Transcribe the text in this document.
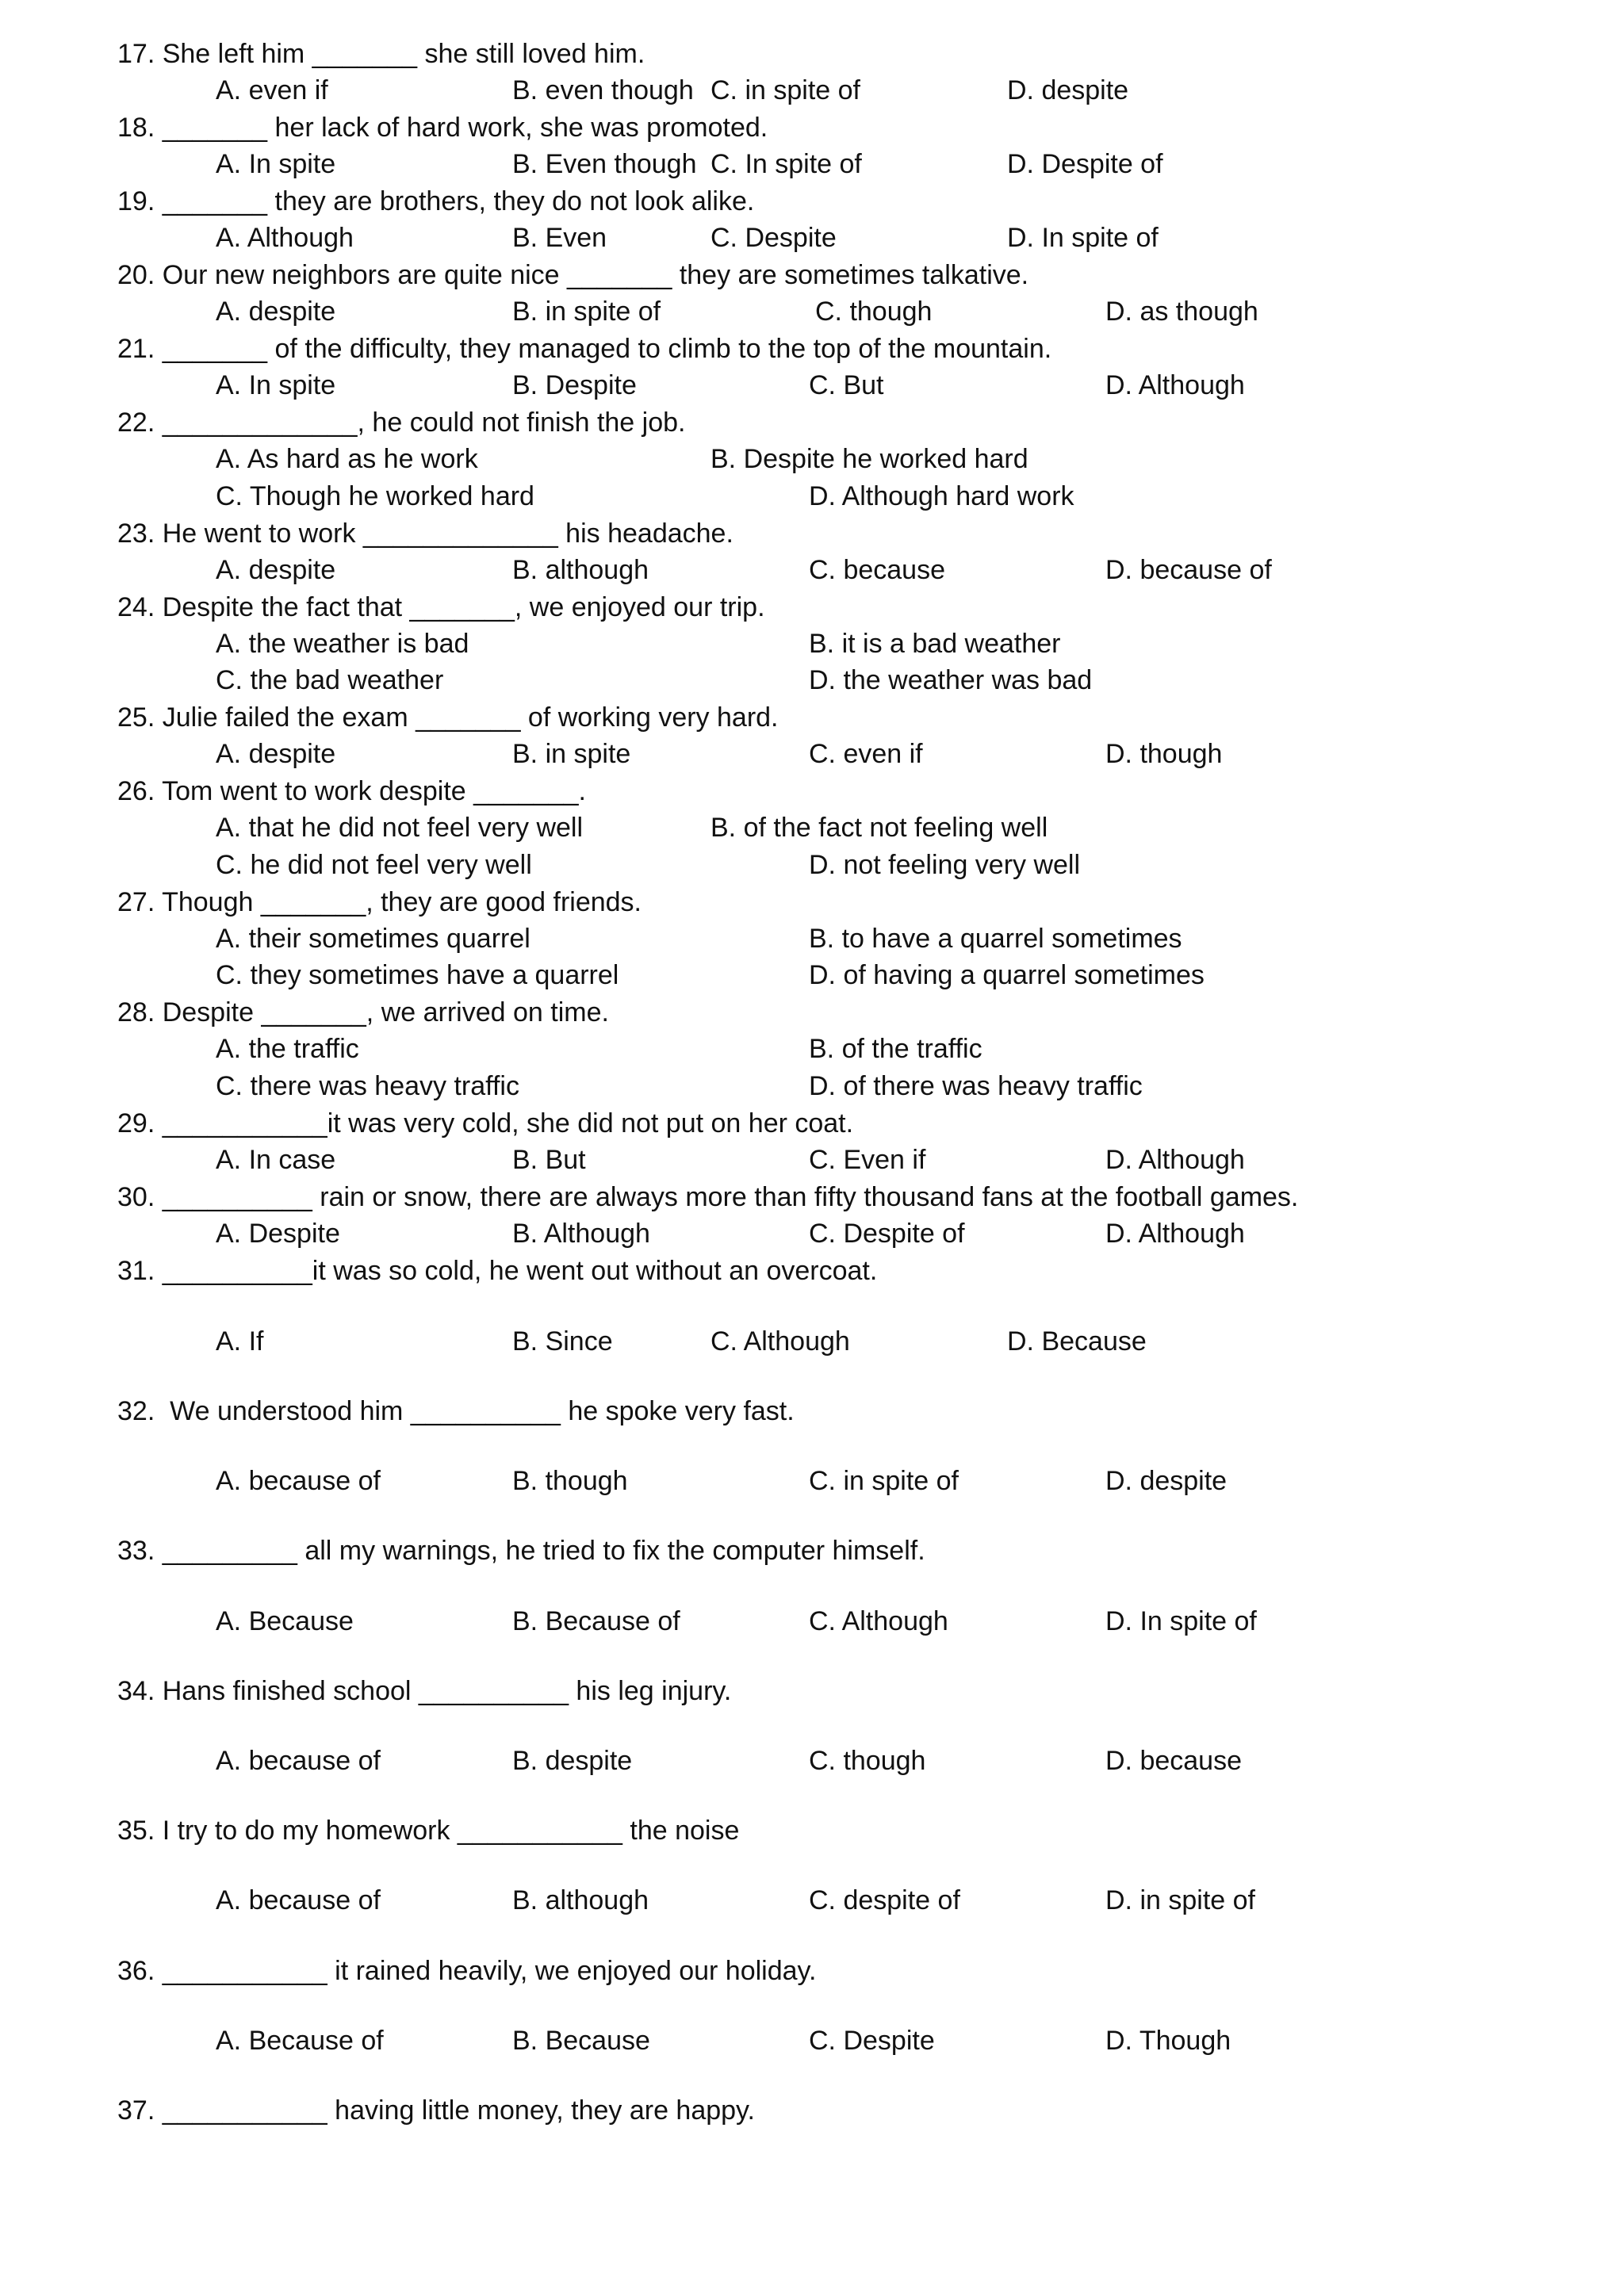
17. She left him _______ she still loved him.
A. even if	B. even though C. in spite of	D. despite
18. _______ her lack of hard work, she was promoted.
A. In spite	B. Even though C. In spite of	D. Despite of
19. _______ they are brothers, they do not look alike.
A. Although	B. Even	C. Despite	D. In spite of
20. Our new neighbors are quite nice _______ they are sometimes talkative.
A. despite	B. in spite of	C. though	D. as though
21. _______ of the difficulty, they managed to climb to the top of the mountain.
A. In spite	B. Despite	C. But	D. Although
22. _____________, he could not finish the job.
A. As hard as he work	B. Despite he worked hard
C. Though he worked hard	D. Although hard work
23. He went to work _____________ his headache.
A. despite	B. although	C. because	D. because of
24. Despite the fact that _______, we enjoyed our trip.
A. the weather is bad	B. it is a bad weather
C. the bad weather	D. the weather was bad
25. Julie failed the exam _______ of working very hard.
A. despite	B. in spite	C. even if	D. though
26. Tom went to work despite _______.
A. that he did not feel very well	B. of the fact not feeling well
C. he did not feel very well	D. not feeling very well
27. Though _______, they are good friends.
A. their sometimes quarrel	B. to have a quarrel sometimes
C. they sometimes have a quarrel	D. of having a quarrel sometimes
28. Despite _______, we arrived on time.
A. the traffic	B. of the traffic
C. there was heavy traffic	D. of there was heavy traffic
29. ___________it was very cold, she did not put on her coat.
A. In case	B. But	C. Even if	D. Although
30. __________ rain or snow, there are always more than fifty thousand fans at the football games.
A. Despite	B. Although	C. Despite of	D. Although
31. __________it was so cold, he went out without an overcoat.
A. If	B. Since	C. Although	D. Because
32.  We understood him __________ he spoke very fast.
A. because of	B. though	C. in spite of	D. despite
33. _________ all my warnings, he tried to fix the computer himself.
A. Because	B. Because of	C. Although	D. In spite of
34. Hans finished school __________ his leg injury.
A. because of	B. despite	C. though	D. because
35. I try to do my homework ___________ the noise
A. because of	B. although	C. despite of	D. in spite of
36. ___________ it rained heavily, we enjoyed our holiday.
A. Because of	B. Because	C. Despite	D. Though
37. ___________ having little money, they are happy.
